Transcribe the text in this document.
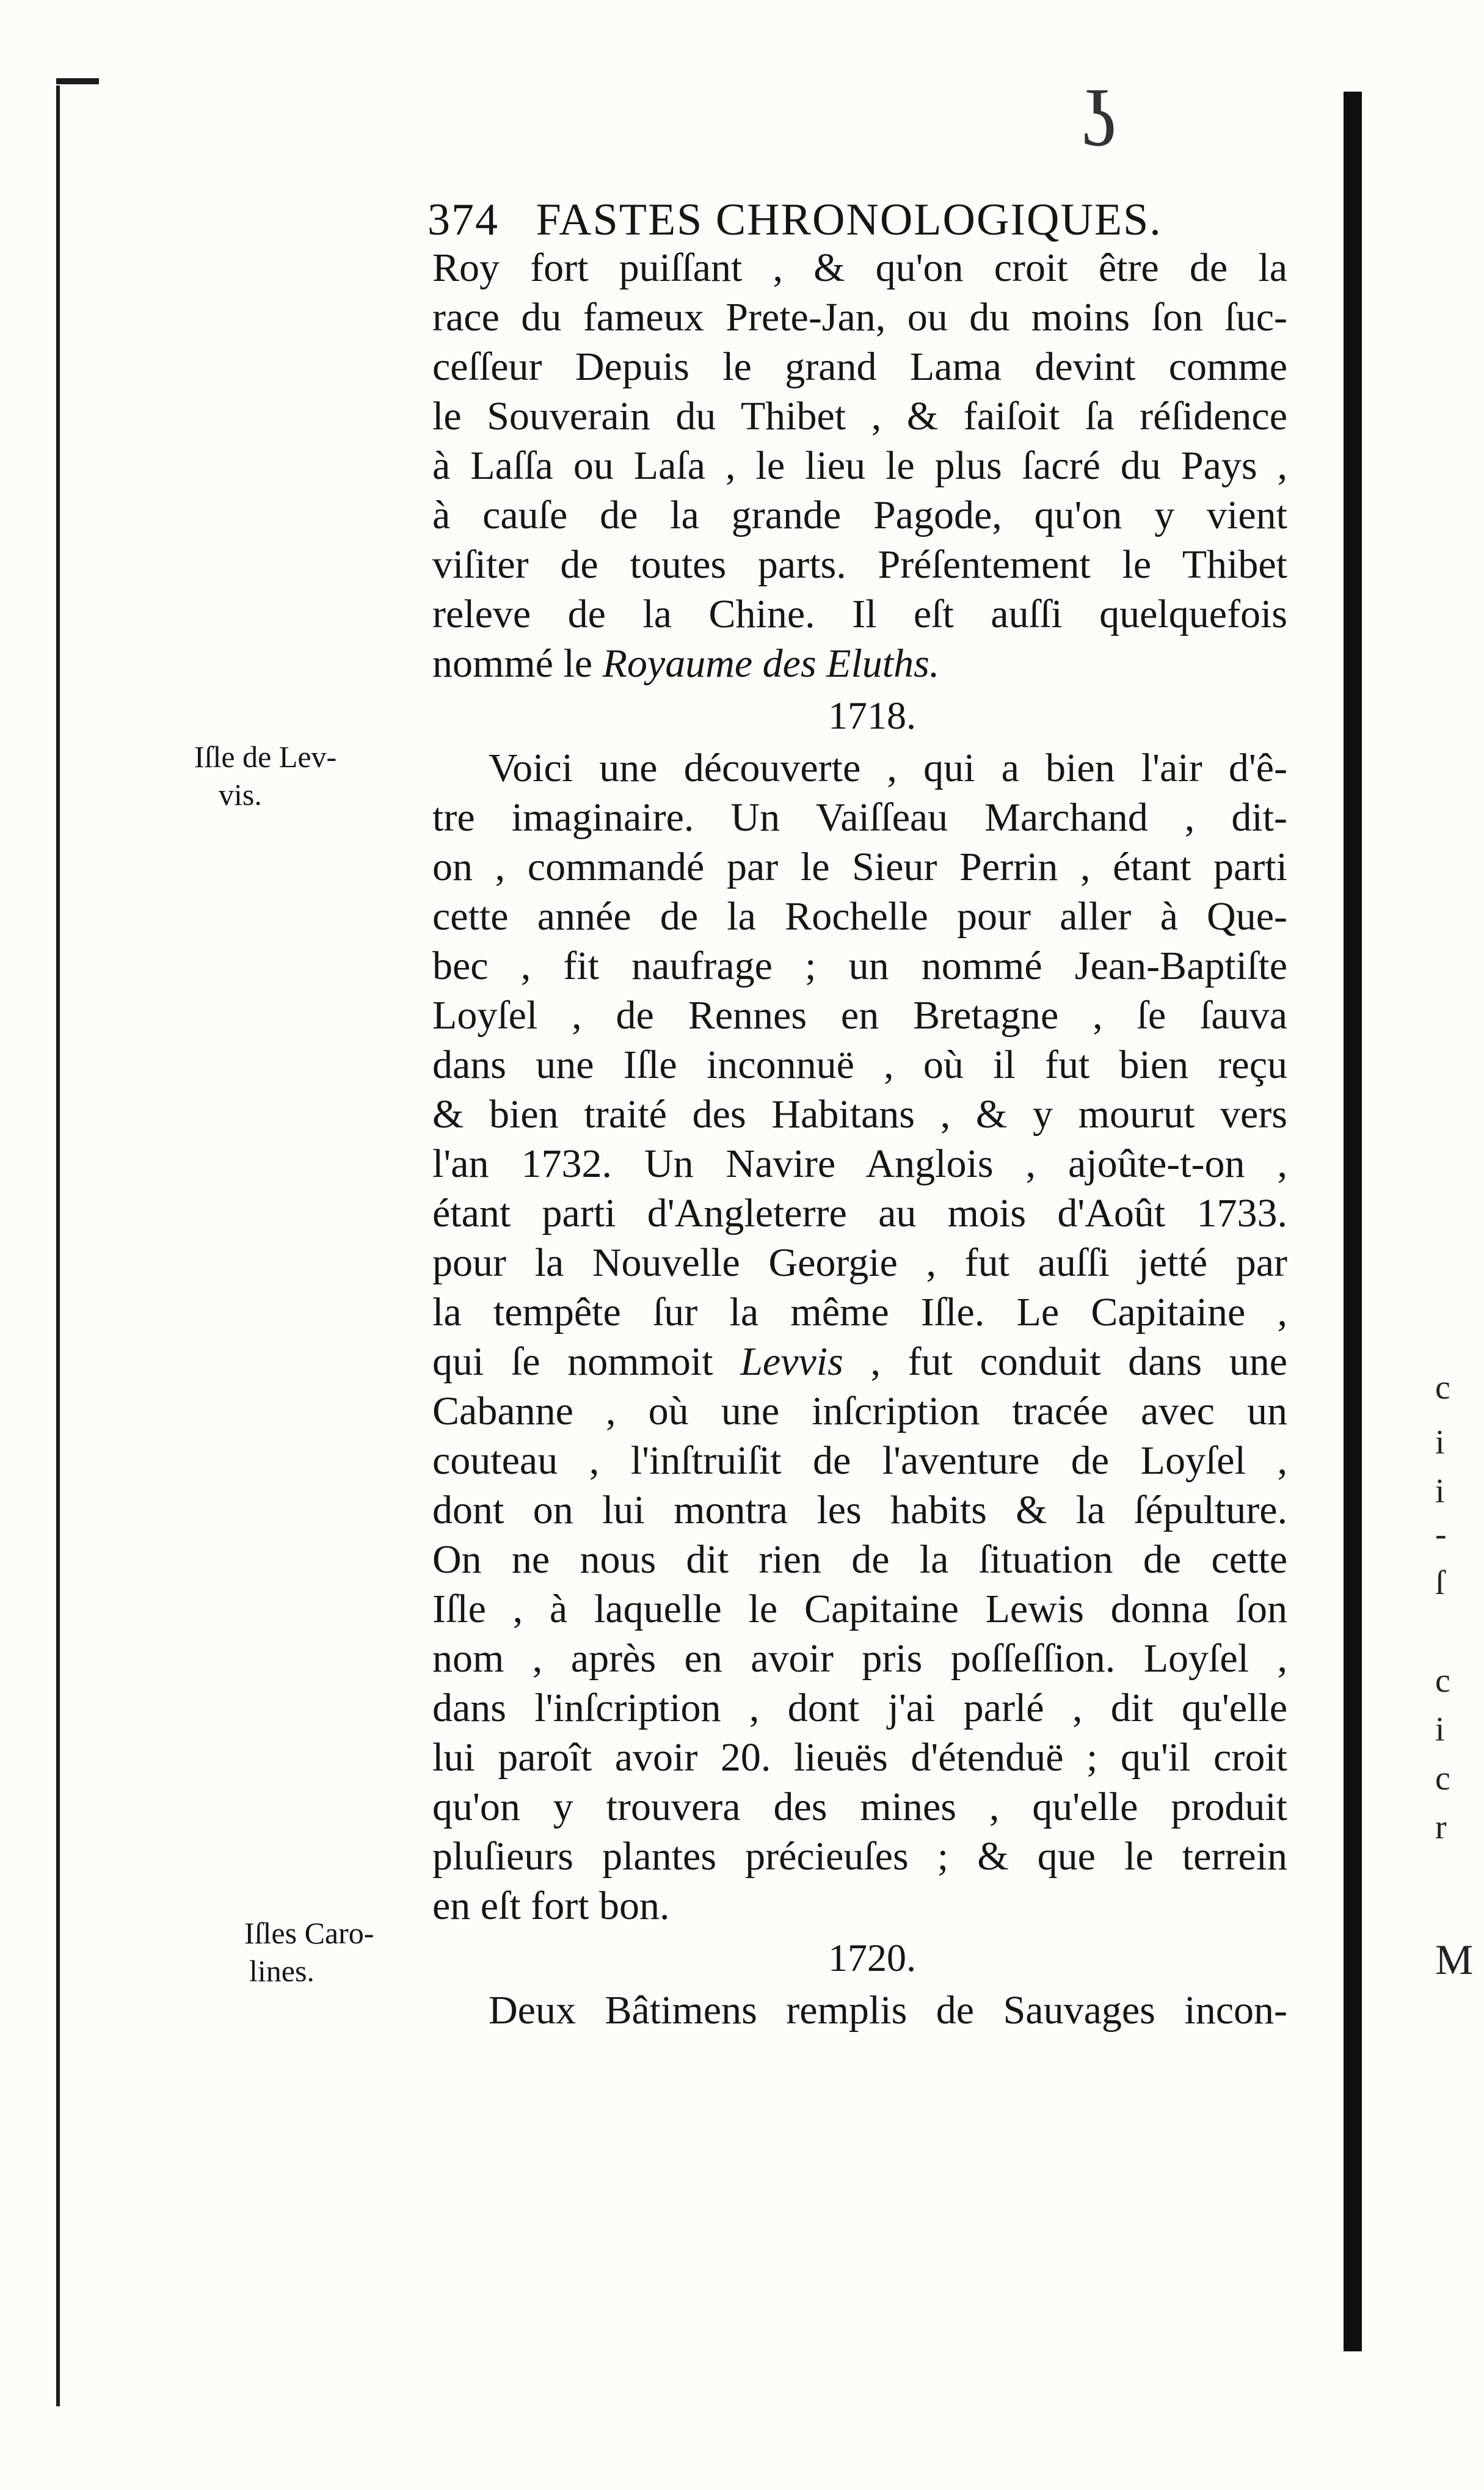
ʖ
374 FASTES CHRONOLOGIQUES.
Roy fort puiſſant , & qu'on croit être de la
race du fameux Prete-Jan, ou du moins ſon ſuc-
ceſſeur Depuis le grand Lama devint comme
le Souverain du Thibet , & faiſoit ſa réſidence
à Laſſa ou Laſa , le lieu le plus ſacré du Pays ,
à cauſe de la grande Pagode, qu'on y vient
viſiter de toutes parts. Préſentement le Thibet
releve de la Chine. Il eſt auſſi quelquefois
nommé le Royaume des Eluths.
1718.
Voici une découverte , qui a bien l'air d'ê-
tre imaginaire. Un Vaiſſeau Marchand , dit-
on , commandé par le Sieur Perrin , étant parti
cette année de la Rochelle pour aller à Que-
bec , fit naufrage ; un nommé Jean-Baptiſte
Loyſel , de Rennes en Bretagne , ſe ſauva
dans une Iſle inconnuë , où il fut bien reçu
& bien traité des Habitans , & y mourut vers
l'an 1732. Un Navire Anglois , ajoûte-t-on ,
étant parti d'Angleterre au mois d'Août 1733.
pour la Nouvelle Georgie , fut auſſi jetté par
la tempête ſur la même Iſle. Le Capitaine ,
qui ſe nommoit Levvis , fut conduit dans une
Cabanne , où une inſcription tracée avec un
couteau , l'inſtruiſit de l'aventure de Loyſel ,
dont on lui montra les habits & la ſépulture.
On ne nous dit rien de la ſituation de cette
Iſle , à laquelle le Capitaine Lewis donna ſon
nom , après en avoir pris poſſeſſion. Loyſel ,
dans l'inſcription , dont j'ai parlé , dit qu'elle
lui paroît avoir 20. lieuës d'étenduë ; qu'il croit
qu'on y trouvera des mines , qu'elle produit
pluſieurs plantes précieuſes ; & que le terrein
en eſt fort bon.
1720.
Deux Bâtimens remplis de Sauvages incon-
Iſle de Lev-
vis.
Iſles Caro-
lines.
c
i
i
-
ſ
c
i
c
r
M
